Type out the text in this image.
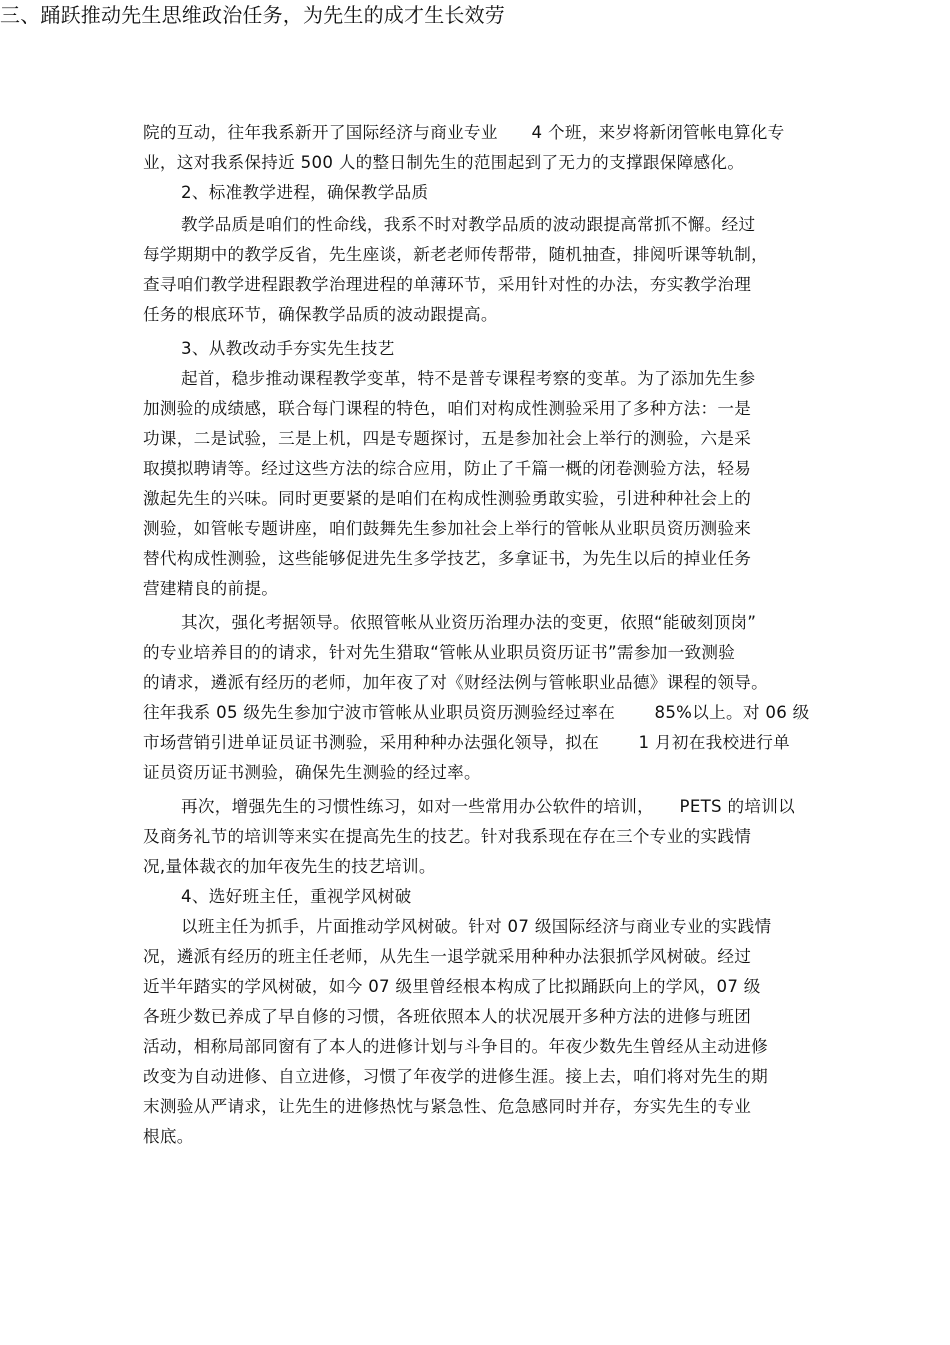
三、踊跃推动先生思维政治任务，为先生的成才生长效劳
院的互动，往年我系新开了国际经济与商业专业　　4 个班，来岁将新闭管帐电算化专
业，这对我系保持近 500 人的整日制先生的范围起到了无力的支撑跟保障感化。
2、标准教学进程，确保教学品质
教学品质是咱们的性命线，我系不时对教学品质的波动跟提高常抓不懈。经过
每学期期中的教学反省，先生座谈，新老老师传帮带，随机抽查，排阅听课等轨制，
查寻咱们教学进程跟教学治理进程的单薄环节，采用针对性的办法，夯实教学治理
任务的根底环节，确保教学品质的波动跟提高。
3、从教改动手夯实先生技艺
起首，稳步推动课程教学变革，特不是普专课程考察的变革。为了添加先生参
加测验的成绩感，联合每门课程的特色，咱们对构成性测验采用了多种方法：一是
功课，二是试验，三是上机，四是专题探讨，五是参加社会上举行的测验，六是采
取摸拟聘请等。经过这些方法的综合应用，防止了千篇一概的闭卷测验方法，轻易
激起先生的兴味。同时更要紧的是咱们在构成性测验勇敢实验，引进种种社会上的
测验，如管帐专题讲座，咱们鼓舞先生参加社会上举行的管帐从业职员资历测验来
替代构成性测验，这些能够促进先生多学技艺，多拿证书，为先生以后的掉业任务
营建精良的前提。
其次，强化考据领导。依照管帐从业资历治理办法的变更，依照“能破刻顶岗”
的专业培养目的的请求，针对先生猎取“管帐从业职员资历证书”需参加一致测验
的请求，遴派有经历的老师，加年夜了对《财经法例与管帐职业品德》课程的领导。
往年我系 05 级先生参加宁波市管帐从业职员资历测验经过率在　　 85%以上。对 06 级
市场营销引进单证员证书测验，采用种种办法强化领导，拟在　　 1 月初在我校进行单
证员资历证书测验，确保先生测验的经过率。
再次，增强先生的习惯性练习，如对一些常用办公软件的培训，　　PETS 的培训以
及商务礼节的培训等来实在提高先生的技艺。针对我系现在存在三个专业的实践情
况,量体裁衣的加年夜先生的技艺培训。
4、选好班主任，重视学风树破
以班主任为抓手，片面推动学风树破。针对 07 级国际经济与商业专业的实践情
况，遴派有经历的班主任老师，从先生一退学就采用种种办法狠抓学风树破。经过
近半年踏实的学风树破，如今 07 级里曾经根本构成了比拟踊跃向上的学风，07 级
各班少数已养成了早自修的习惯，各班依照本人的状况展开多种方法的进修与班团
活动，相称局部同窗有了本人的进修计划与斗争目的。年夜少数先生曾经从主动进修
改变为自动进修、自立进修，习惯了年夜学的进修生涯。接上去，咱们将对先生的期
末测验从严请求，让先生的进修热忱与紧急性、危急感同时并存，夯实先生的专业
根底。
